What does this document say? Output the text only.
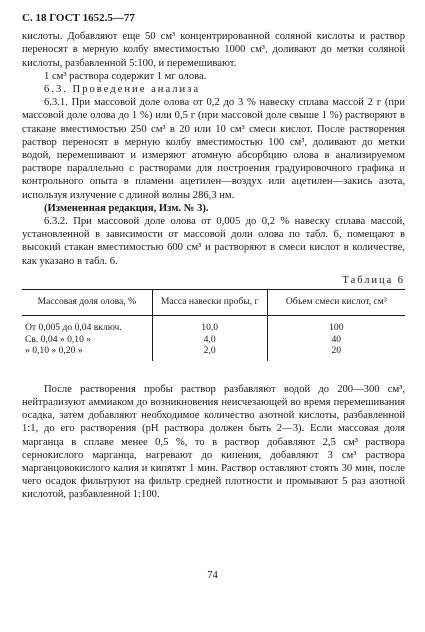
С. 18 ГОСТ 1652.5—77

кислоты. Добавляют еще 50 см³ концентрированной соляной кислоты и раствор переносят в мерную колбу вместимостью 1000 см³, доливают до метки соляной кислоты, разбавленной 5:100, и перемешивают.

1 см³ раствора содержит 1 мг олова.

6.3. Проведение анализа

6.3.1. При массовой доле олова от 0,2 до 3 % навеску сплава массой 2 г (при массовой доле олова до 1 %) или 0,5 г (при массовой доле свыше 1 %) растворяют в стакане вместимостью 250 см³ в 20 или 10 см³ смеси кислот. После растворения раствор переносят в мерную колбу вместимостью 100 см³, доливают до метки водой, перемешивают и измеряют атомную абсорбцию олова в анализируемом растворе параллельно с растворами для построения градуировочного графика и контрольного опыта в пламени ацетилен—воздух или ацетилен—закись азота, используя излучение с длиной волны 286,3 нм.

(Измененная редакция, Изм. № 3).

6.3.2. При массовой доле олова от 0,005 до 0,2 % навеску сплава массой, установленной в зависимости от массовой доли олова по табл. 6, помещают в высокий стакан вместимостью 600 см³ и растворяют в смеси кислот в количестве, как указано в табл. 6.

Таблица 6
Массовая доля олова, %	Масса навески пробы, г	Объем смеси кислот, см³
От 0,005 до 0,04 включ.	10,0	100
Св. 0,04 » 0,10 »	4,0	40
» 0,10 » 0,20 »	2,0	20

После растворения пробы раствор разбавляют водой до 200—300 см³, нейтрализуют аммиаком до возникновения неисчезающей во время перемешивания осадка, затем добавляют необходимое количество азотной кислоты, разбавленной 1:1, до его растворения (pH раствора должен быть 2—3). Если массовая доля марганца в сплаве менее 0,5 %, то в раствор добавляют 2,5 см³ раствора сернокислого марганца, нагревают до кипения, добавляют 3 см³ раствора марганцовокислого калия и кипятят 1 мин. Раствор оставляют стоять 30 мин, после чего осадок фильтруют на фильтр средней плотности и промывают 5 раз азотной кислотой, разбавленной 1:100.

74
